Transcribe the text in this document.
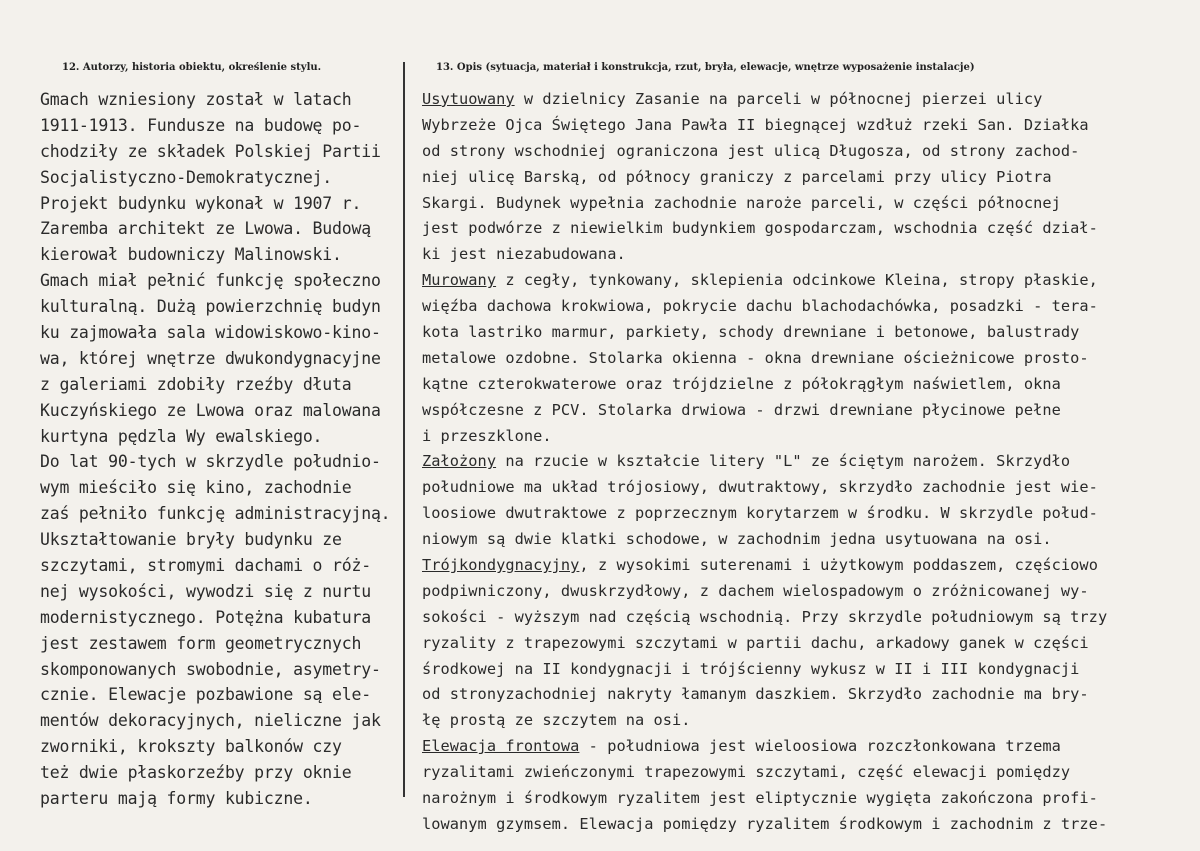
12. Autorzy, historia obiektu, określenie stylu.	13. Opis (sytuacja, materiał i konstrukcja, rzut, bryła, elewacje, wnętrze wyposażenie instalacje)
Gmach wzniesiony został w latach
1911-1913. Fundusze na budowę po-
chodziły ze składek Polskiej Partii
Socjalistyczno-Demokratycznej.
Projekt budynku wykonał w 1907 r.
Zaremba architekt ze Lwowa. Budową
kierował budowniczy Malinowski.
Gmach miał pełnić funkcję społeczno
kulturalną. Dużą powierzchnię budyn
ku zajmowała sala widowiskowo-kino-
wa, której wnętrze dwukondygnacyjne
z galeriami zdobiły rzeźby dłuta
Kuczyńskiego ze Lwowa oraz malowana
kurtyna pędzla Wy ewalskiego.
Do lat 90-tych w skrzydle południo-
wym mieściło się kino, zachodnie
zaś pełniło funkcję administracyjną.
Ukształtowanie bryły budynku ze
szczytami, stromymi dachami o róż-
nej wysokości, wywodzi się z nurtu
modernistycznego. Potężna kubatura
jest zestawem form geometrycznych
skomponowanych swobodnie, asymetry-
cznie. Elewacje pozbawione są ele-
mentów dekoracyjnych, nieliczne jak
zworniki, krokszty balkonów czy
też dwie płaskorzeźby przy oknie
parteru mają formy kubiczne.
Usytuowany w dzielnicy Zasanie na parceli w północnej pierzei ulicy
Wybrzeże Ojca Świętego Jana Pawła II biegnącej wzdłuż rzeki San. Działka
od strony wschodniej ograniczona jest ulicą Długosza, od strony zachod-
niej ulicę Barską, od północy graniczy z parcelami przy ulicy Piotra
Skargi. Budynek wypełnia zachodnie naroże parceli, w części północnej
jest podwórze z niewielkim budynkiem gospodarczam, wschodnia część dział-
ki jest niezabudowana.
Murowany z cegły, tynkowany, sklepienia odcinkowe Kleina, stropy płaskie,
więźba dachowa krokwiowa, pokrycie dachu blachodachówka, posadzki - tera-
kota lastriko marmur, parkiety, schody drewniane i betonowe, balustrady
metalowe ozdobne. Stolarka okienna - okna drewniane ościeżnicowe prosto-
kątne czterokwaterowe oraz trójdzielne z półokrągłym naświetlem, okna
współczesne z PCV. Stolarka drwiowa - drzwi drewniane płycinowe pełne
i przeszklone.
Założony na rzucie w kształcie litery "L" ze ściętym narożem. Skrzydło
południowe ma układ trójosiowy, dwutraktowy, skrzydło zachodnie jest wie-
loosiowe dwutraktowe z poprzecznym korytarzem w środku. W skrzydle połud-
niowym są dwie klatki schodowe, w zachodnim jedna usytuowana na osi.
Trójkondygnacyjny, z wysokimi suterenami i użytkowym poddaszem, częściowo
podpiwniczony, dwuskrzydłowy, z dachem wielospadowym o zróżnicowanej wy-
sokości - wyższym nad częścią wschodnią. Przy skrzydle południowym są trzy
ryzality z trapezowymi szczytami w partii dachu, arkadowy ganek w części
środkowej na II kondygnacji i trójścienny wykusz w II i III kondygnacji
od stronyzachodniej nakryty łamanym daszkiem. Skrzydło zachodnie ma bry-
łę prostą ze szczytem na osi.
Elewacja frontowa - południowa jest wieloosiowa rozczłonkowana trzema
ryzalitami zwieńczonymi trapezowymi szczytami, część elewacji pomiędzy
narożnym i środkowym ryzalitem jest eliptycznie wygięta zakończona profi-
lowanym gzymsem. Elewacja pomiędzy ryzalitem środkowym i zachodnim z trze-
